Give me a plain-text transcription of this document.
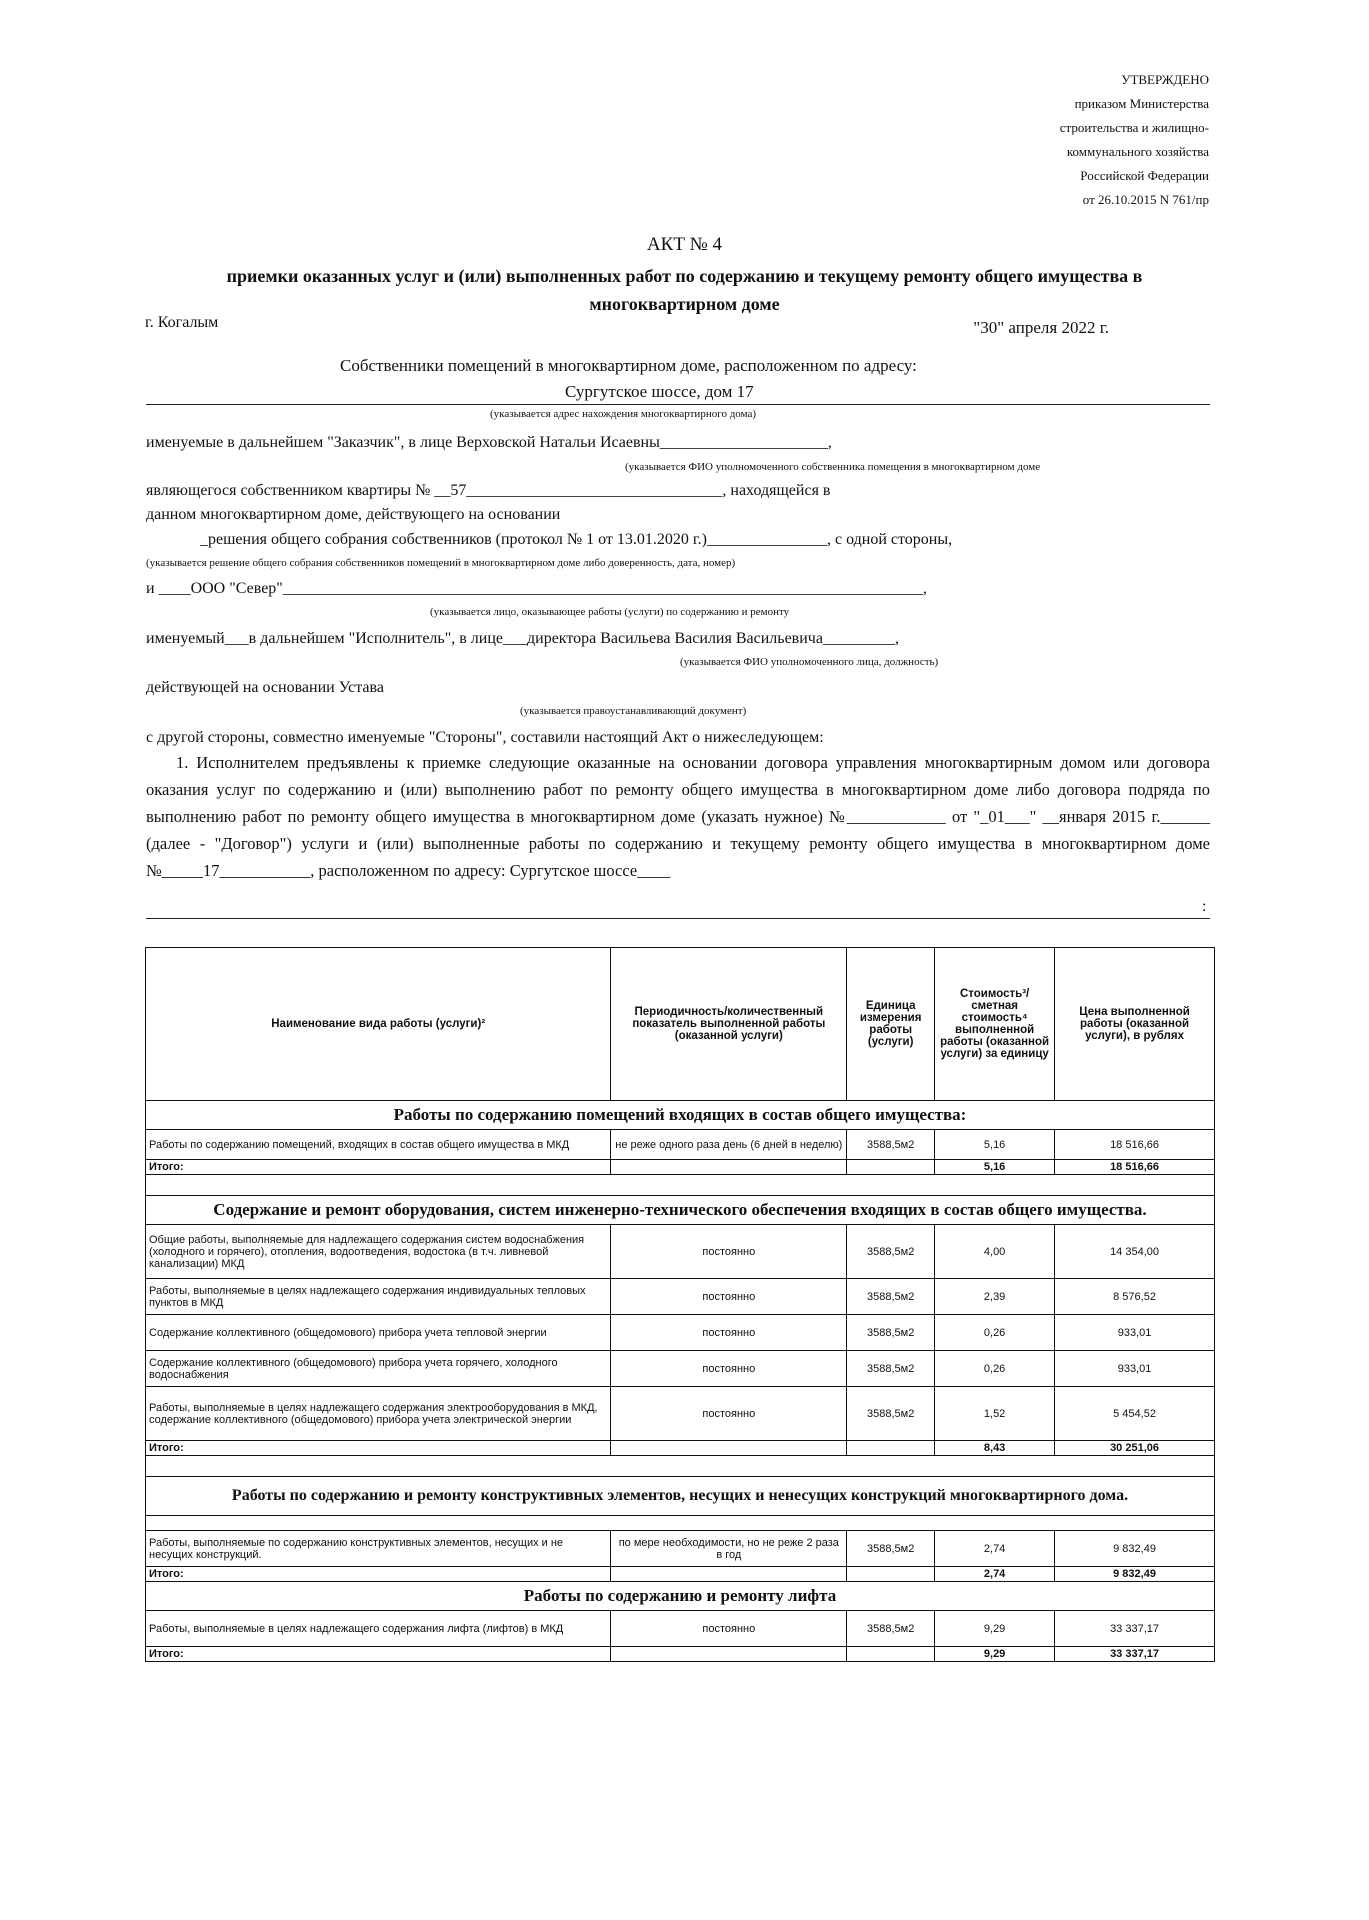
УТВЕРЖДЕНО
приказом Министерства
строительства и жилищно-
коммунального хозяйства
Российской Федерации
от 26.10.2015 N 761/пр
АКТ № 4
приемки оказанных услуг и (или) выполненных работ по содержанию и текущему ремонту общего имущества в многоквартирном доме
г. Когалым	"30" апреля 2022 г.
Собственники помещений в многоквартирном доме, расположенном по адресу:
Сургутское шоссе, дом 17
(указывается адрес нахождения многоквартирного дома)
именуемые в дальнейшем "Заказчик", в лице Верховской Натальи Исаевны_____________________,
(указывается ФИО уполномоченного собственника помещения в многоквартирном доме
являющегося собственником квартиры № __57________________________________, находящейся в
данном многоквартирном доме, действующего на основании
_решения общего собрания собственников (протокол № 1 от 13.01.2020 г.)_______________, с одной стороны,
(указывается решение общего собрания собственников помещений в многоквартирном доме либо доверенность, дата, номер)
и ____ООО "Север"________________________________________________________________________________,
(указывается лицо, оказывающее работы (услуги) по содержанию и ремонту
именуемый___в дальнейшем "Исполнитель", в лице___директора Васильева Василия Васильевича_________,
(указывается ФИО уполномоченного лица, должность)
действующей на основании Устава
(указывается правоустанавливающий документ)
с другой стороны, совместно именуемые "Стороны", составили настоящий Акт о нижеследующем:
1. Исполнителем предъявлены к приемке следующие оказанные на основании договора управления многоквартирным домом или договора оказания услуг по содержанию и (или) выполнению работ по ремонту общего имущества в многоквартирном доме либо договора подряда по выполнению работ по ремонту общего имущества в многоквартирном доме (указать нужное) №____________ от "_01___" __января 2015 г.______ (далее - "Договор") услуги и (или) выполненные работы по содержанию и текущему ремонту общего имущества в многоквартирном доме №_____17___________, расположенном по адресу: Сургутское шоссе____
:
Наименование вида работы (услуги)²	Периодичность/количественный показатель выполненной работы (оказанной услуги)	Единица измерения работы (услуги)	Стоимость³/сметная стоимость⁴ выполненной работы (оказанной услуги) за единицу	Цена выполненной работы (оказанной услуги), в рублях
Работы по содержанию помещений входящих в состав общего имущества:				
Работы по содержанию помещений, входящих в состав общего имущества в МКД	не реже одного раза день (6 дней в неделю)	3588,5м2	5,16	18 516,66
Итого:			5,16	18 516,66

Содержание и ремонт оборудования, систем инженерно-технического обеспечения входящих в состав общего имущества.				
Общие работы, выполняемые для надлежащего содержания систем водоснабжения (холодного и горячего), отопления, водоотведения, водостока (в т.ч. ливневой канализации) МКД	постоянно	3588,5м2	4,00	14 354,00
Работы, выполняемые в целях надлежащего содержания индивидуальных тепловых пунктов в МКД	постоянно	3588,5м2	2,39	8 576,52
Содержание коллективного (общедомового) прибора учета тепловой энергии	постоянно	3588,5м2	0,26	933,01
Содержание коллективного (общедомового) прибора учета горячего, холодного водоснабжения	постоянно	3588,5м2	0,26	933,01
Работы, выполняемые в целях надлежащего содержания электрооборудования в МКД, содержание коллективного (общедомового) прибора учета электрической энергии	постоянно	3588,5м2	1,52	5 454,52
Итого:			8,43	30 251,06

Работы по содержанию и ремонту конструктивных элементов, несущих и ненесущих конструкций многоквартирного дома.				

Работы, выполняемые по содержанию конструктивных элементов, несущих и не несущих конструкций.	по мере необходимости, но не реже 2 раза в год	3588,5м2	2,74	9 832,49
Итого:			2,74	9 832,49
Работы по содержанию и ремонту лифта				
Работы, выполняемые в целях надлежащего содержания лифта (лифтов) в МКД	постоянно	3588,5м2	9,29	33 337,17
Итого:			9,29	33 337,17
